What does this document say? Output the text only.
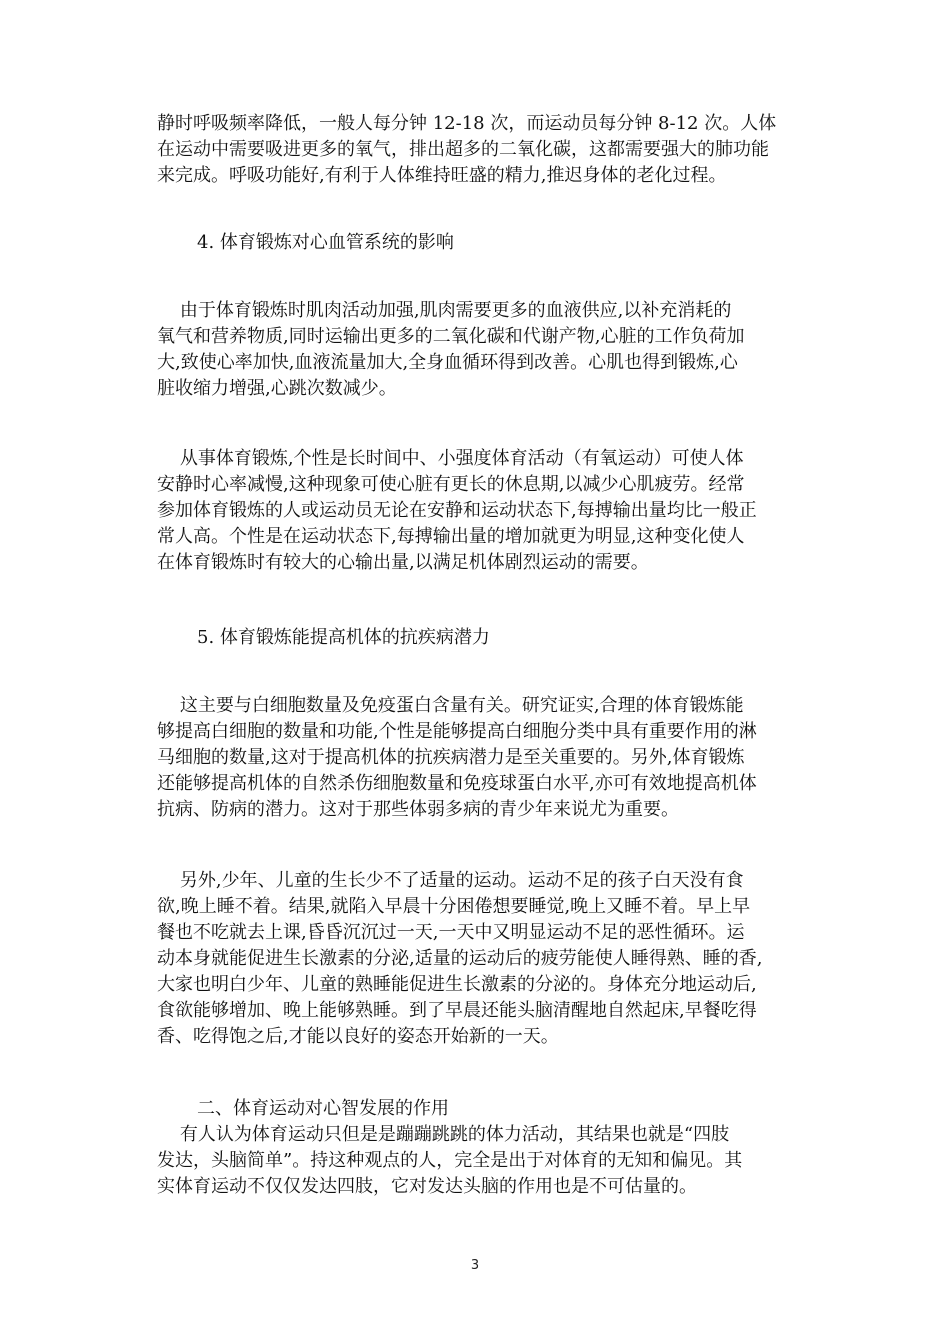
静时呼吸频率降低，一般人每分钟 12-18 次，而运动员每分钟 8-12 次。人体
在运动中需要吸进更多的氧气，排出超多的二氧化碳，这都需要强大的肺功能
来完成。呼吸功能好,有利于人体维持旺盛的精力,推迟身体的老化过程。
4. 体育锻炼对心血管系统的影响
由于体育锻炼时肌肉活动加强,肌肉需要更多的血液供应,以补充消耗的
氧气和营养物质,同时运输出更多的二氧化碳和代谢产物,心脏的工作负荷加
大,致使心率加快,血液流量加大,全身血循环得到改善。心肌也得到锻炼,心
脏收缩力增强,心跳次数减少。
从事体育锻炼,个性是长时间中、小强度体育活动（有氧运动）可使人体
安静时心率减慢,这种现象可使心脏有更长的休息期,以减少心肌疲劳。经常
参加体育锻炼的人或运动员无论在安静和运动状态下,每搏输出量均比一般正
常人高。个性是在运动状态下,每搏输出量的增加就更为明显,这种变化使人
在体育锻炼时有较大的心输出量,以满足机体剧烈运动的需要。
5. 体育锻炼能提高机体的抗疾病潜力
这主要与白细胞数量及免疫蛋白含量有关。研究证实,合理的体育锻炼能
够提高白细胞的数量和功能,个性是能够提高白细胞分类中具有重要作用的淋
马细胞的数量,这对于提高机体的抗疾病潜力是至关重要的。另外,体育锻炼
还能够提高机体的自然杀伤细胞数量和免疫球蛋白水平,亦可有效地提高机体
抗病、防病的潜力。这对于那些体弱多病的青少年来说尤为重要。
另外,少年、儿童的生长少不了适量的运动。运动不足的孩子白天没有食
欲,晚上睡不着。结果,就陷入早晨十分困倦想要睡觉,晚上又睡不着。早上早
餐也不吃就去上课,昏昏沉沉过一天,一天中又明显运动不足的恶性循环。运
动本身就能促进生长激素的分泌,适量的运动后的疲劳能使人睡得熟、睡的香,
大家也明白少年、儿童的熟睡能促进生长激素的分泌的。身体充分地运动后,
食欲能够增加、晚上能够熟睡。到了早晨还能头脑清醒地自然起床,早餐吃得
香、吃得饱之后,才能以良好的姿态开始新的一天。
二、体育运动对心智发展的作用
有人认为体育运动只但是是蹦蹦跳跳的体力活动，其结果也就是“四肢
发达，头脑简单”。持这种观点的人，完全是出于对体育的无知和偏见。其
实体育运动不仅仅发达四肢，它对发达头脑的作用也是不可估量的。
3
